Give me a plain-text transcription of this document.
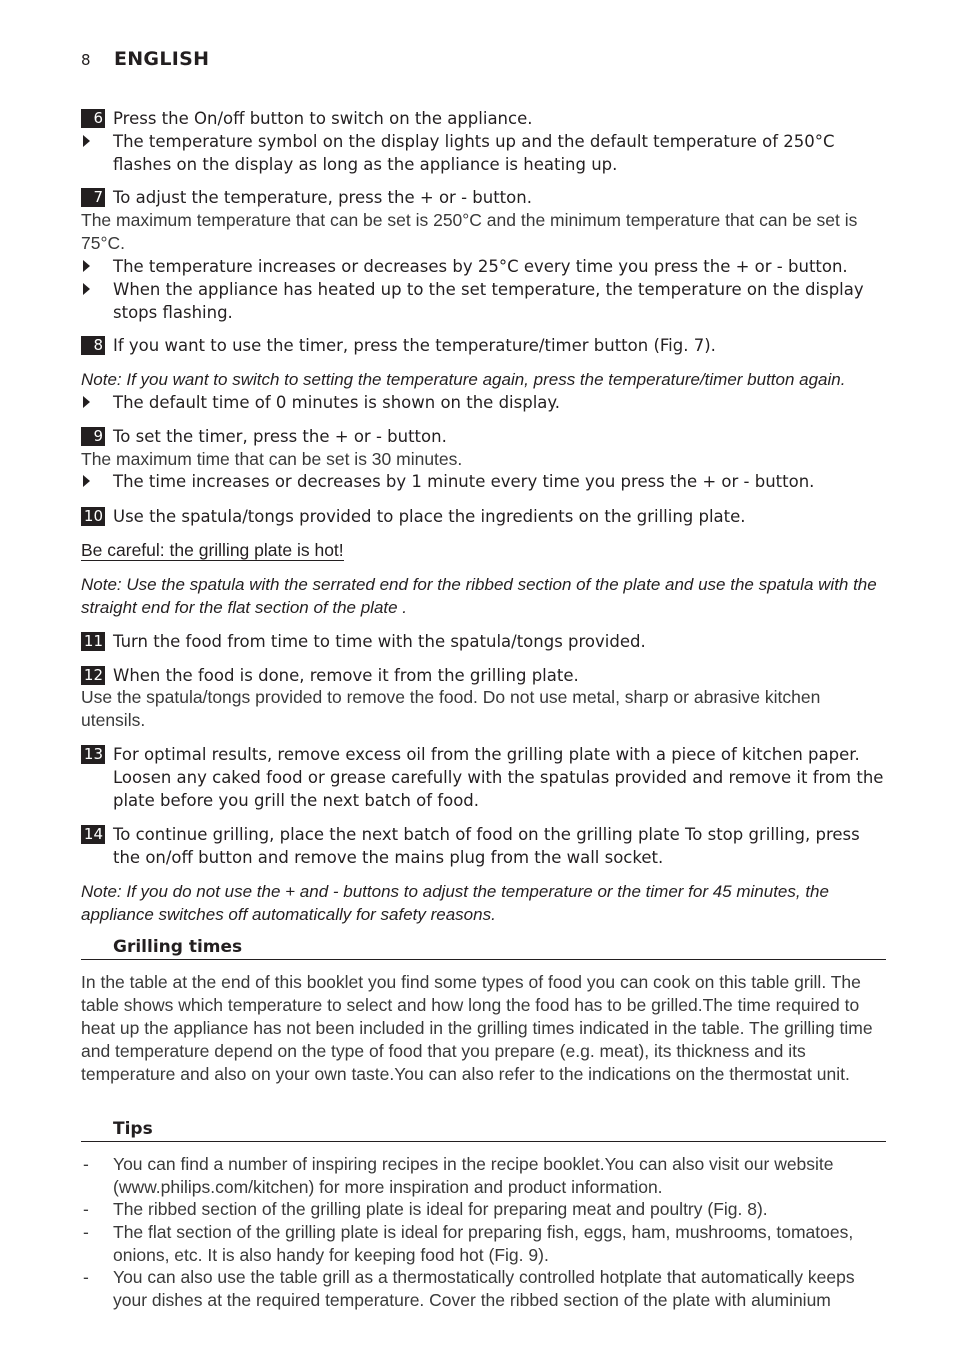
8 ENGLISH
6 Press the On/off button to switch on the appliance.
The temperature symbol on the display lights up and the default temperature of 250°C flashes on the display as long as the appliance is heating up.
7 To adjust the temperature, press the + or - button.
The maximum temperature that can be set is 250°C and the minimum temperature that can be set is 75°C.
The temperature increases or decreases by 25°C every time you press the + or - button.
When the appliance has heated up to the set temperature, the temperature on the display stops flashing.
8 If you want to use the timer, press the temperature/timer button (Fig. 7).
Note: If you want to switch to setting the temperature again, press the temperature/timer button again.
The default time of 0 minutes is shown on the display.
9 To set the timer, press the + or - button.
The maximum time that can be set is 30 minutes.
The time increases or decreases by 1 minute every time you press the + or - button.
10 Use the spatula/tongs provided to place the ingredients on the grilling plate.
Be careful: the grilling plate is hot!
Note: Use the spatula with the serrated end for the ribbed section of the plate and use the spatula with the straight end for the flat section of the plate .
11 Turn the food from time to time with the spatula/tongs provided.
12 When the food is done, remove it from the grilling plate.
Use the spatula/tongs provided to remove the food. Do not use metal, sharp or abrasive kitchen utensils.
13 For optimal results, remove excess oil from the grilling plate with a piece of kitchen paper. Loosen any caked food or grease carefully with the spatulas provided and remove it from the plate before you grill the next batch of food.
14 To continue grilling, place the next batch of food on the grilling plate To stop grilling, press the on/off button and remove the mains plug from the wall socket.
Note: If you do not use the + and - buttons to adjust the temperature or the timer for 45 minutes, the appliance switches off automatically for safety reasons.
Grilling times
In the table at the end of this booklet you find some types of food you can cook on this table grill. The table shows which temperature to select and how long the food has to be grilled.The time required to heat up the appliance has not been included in the grilling times indicated in the table. The grilling time and temperature depend on the type of food that you prepare (e.g. meat), its thickness and its temperature and also on your own taste.You can also refer to the indications on the thermostat unit.
Tips
- You can find a number of inspiring recipes in the recipe booklet.You can also visit our website (www.philips.com/kitchen) for more inspiration and product information.
- The ribbed section of the grilling plate is ideal for preparing meat and poultry (Fig. 8).
- The flat section of the grilling plate is ideal for preparing fish, eggs, ham, mushrooms, tomatoes, onions, etc. It is also handy for keeping food hot (Fig. 9).
- You can also use the table grill as a thermostatically controlled hotplate that automatically keeps your dishes at the required temperature. Cover the ribbed section of the plate with aluminium
